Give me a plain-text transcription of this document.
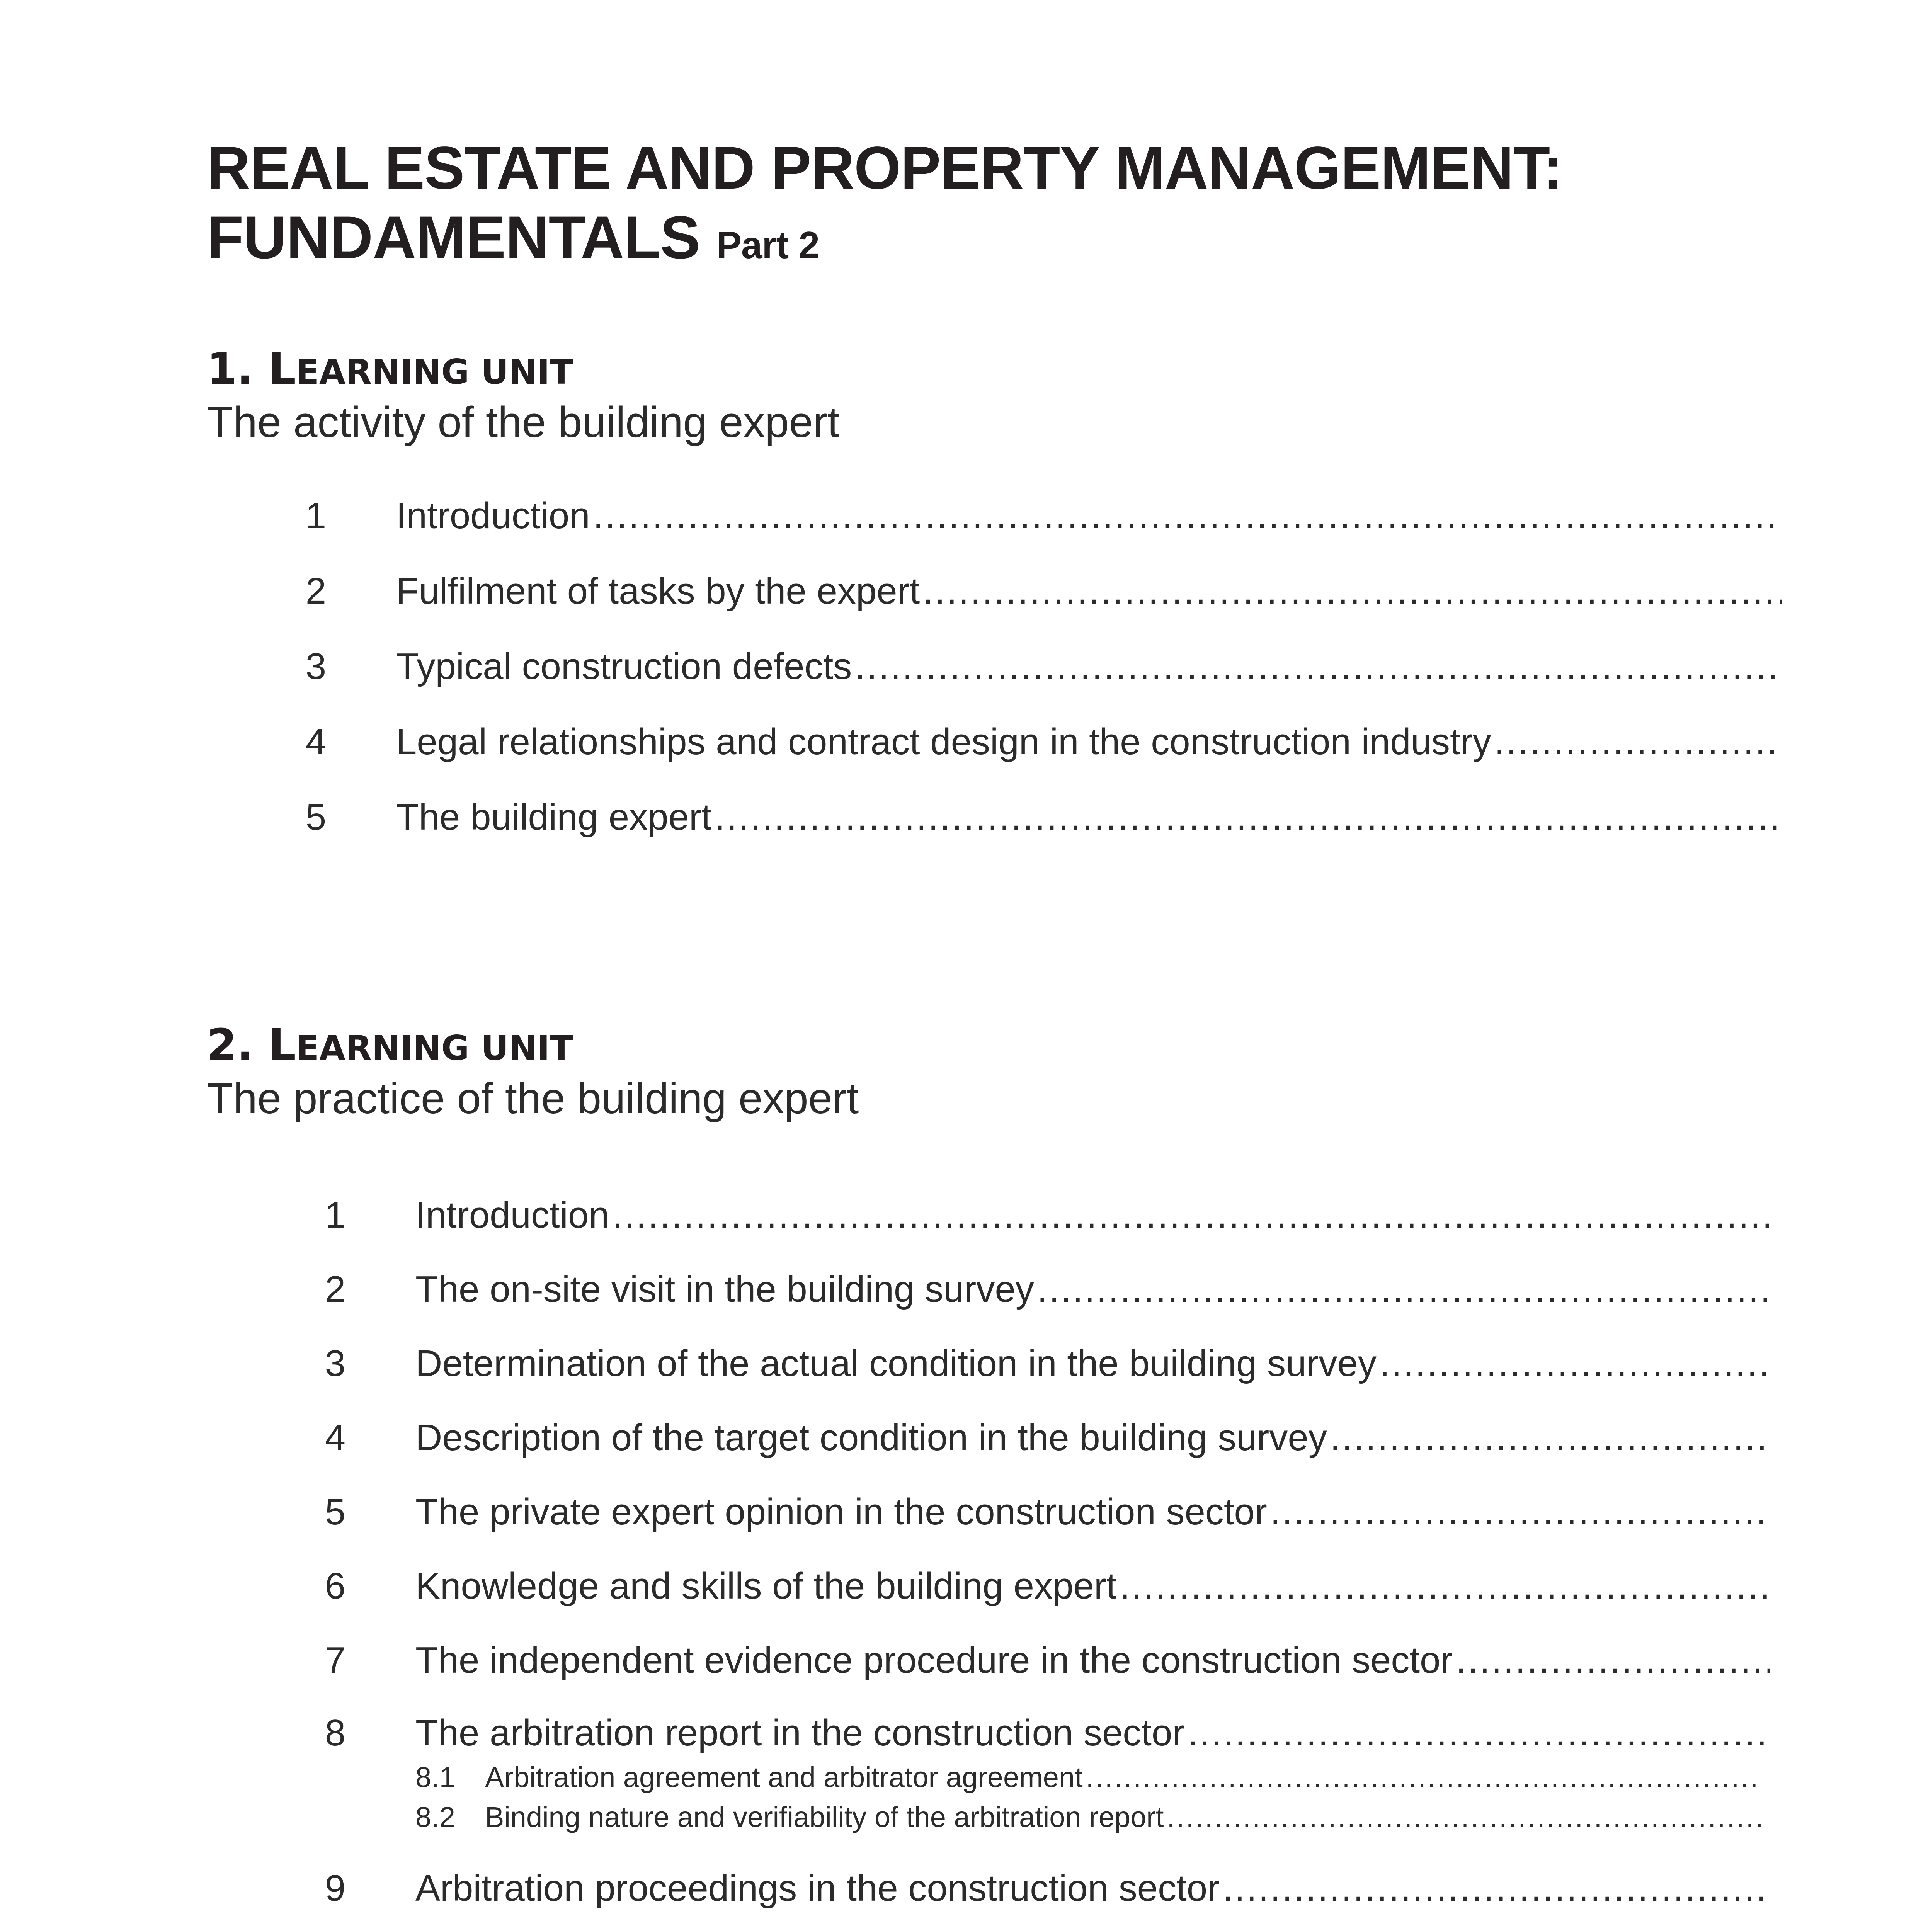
REAL ESTATE AND PROPERTY MANAGEMENT:
FUNDAMENTALS Part 2
1. LEARNING UNIT

The activity of the building expert

1	Introduction
.....
2	Fulfilment of tasks by the expert
.....
3	Typical construction defects
.....
4	Legal relationships and contract design in the construction industry
.....
5	The building expert
.....
2. LEARNING UNIT

The practice of the building expert

1	Introduction
.....
2	The on-site visit in the building survey
.....
3	Determination of the actual condition in the building survey
.....
4	Description of the target condition in the building survey
.....
5	The private expert opinion in the construction sector
.....
6	Knowledge and skills of the building expert
.....
7	The independent evidence procedure in the construction sector
.....
8	The arbitration report in the construction sector
.....
8.1	Arbitration agreement and arbitrator agreement
.....
8.2	Binding nature and verifiability of the arbitration report
.....
9	Arbitration proceedings in the construction sector
.....
